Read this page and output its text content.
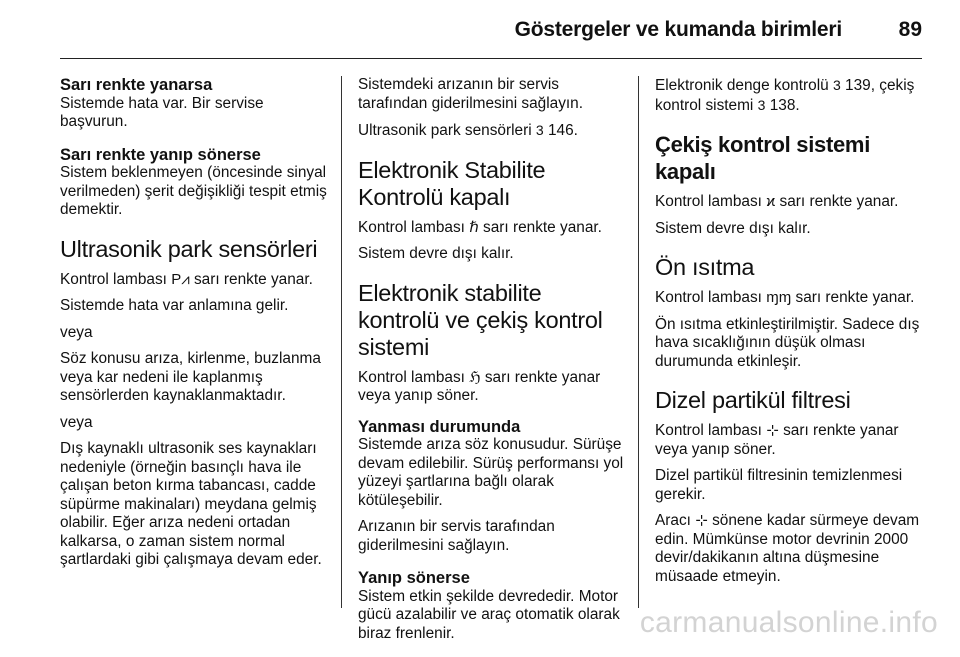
Göstergeler ve kumanda birimleri	89

Sarı renkte yanarsa

Sistemde hata var. Bir servise başvurun.

Sarı renkte yanıp sönerse

Sistem beklenmeyen (öncesinde sinyal verilmeden) şerit değişikliği tespit etmiş demektir.

Ultrasonik park sensörleri

Kontrol lambası P⩘ sarı renkte yanar.

Sistemde hata var anlamına gelir.

veya

Söz konusu arıza, kirlenme, buzlanma veya kar nedeni ile kaplanmış sensörlerden kaynaklanmaktadır.

veya

Dış kaynaklı ultrasonik ses kaynakları nedeniyle (örneğin basınçlı hava ile çalışan beton kırma tabancası, cadde süpürme makinaları) meydana gelmiş olabilir. Eğer arıza nedeni ortadan kalkarsa, o zaman sistem normal şartlardaki gibi çalışmaya devam eder.

Sistemdeki arızanın bir servis tarafından giderilmesini sağlayın.

Ultrasonik park sensörleri 3 146.

Elektronik Stabilite Kontrolü kapalı

Kontrol lambası ℏ sarı renkte yanar.

Sistem devre dışı kalır.

Elektronik stabilite kontrolü ve çekiş kontrol sistemi

Kontrol lambası ℌ sarı renkte yanar veya yanıp söner.

Yanması durumunda

Sistemde arıza söz konusudur. Sürüşe devam edilebilir. Sürüş performansı yol yüzeyi şartlarına bağlı olarak kötüleşebilir.

Arızanın bir servis tarafından giderilmesini sağlayın.

Yanıp sönerse

Sistem etkin şekilde devrededir. Motor gücü azalabilir ve araç otomatik olarak biraz frenlenir.

Elektronik denge kontrolü 3 139, çekiş kontrol sistemi 3 138.

Çekiş kontrol sistemi kapalı

Kontrol lambası ϰ sarı renkte yanar.

Sistem devre dışı kalır.

Ön ısıtma

Kontrol lambası ɱɱ sarı renkte yanar.

Ön ısıtma etkinleştirilmiştir. Sadece dış hava sıcaklığının düşük olması durumunda etkinleşir.

Dizel partikül filtresi

Kontrol lambası ⊹ sarı renkte yanar veya yanıp söner.

Dizel partikül filtresinin temizlenmesi gerekir.

Aracı ⊹ sönene kadar sürmeye devam edin. Mümkünse motor devrinin 2000 devir/dakikanın altına düşmesine müsaade etmeyin.

carmanualsonline.info
